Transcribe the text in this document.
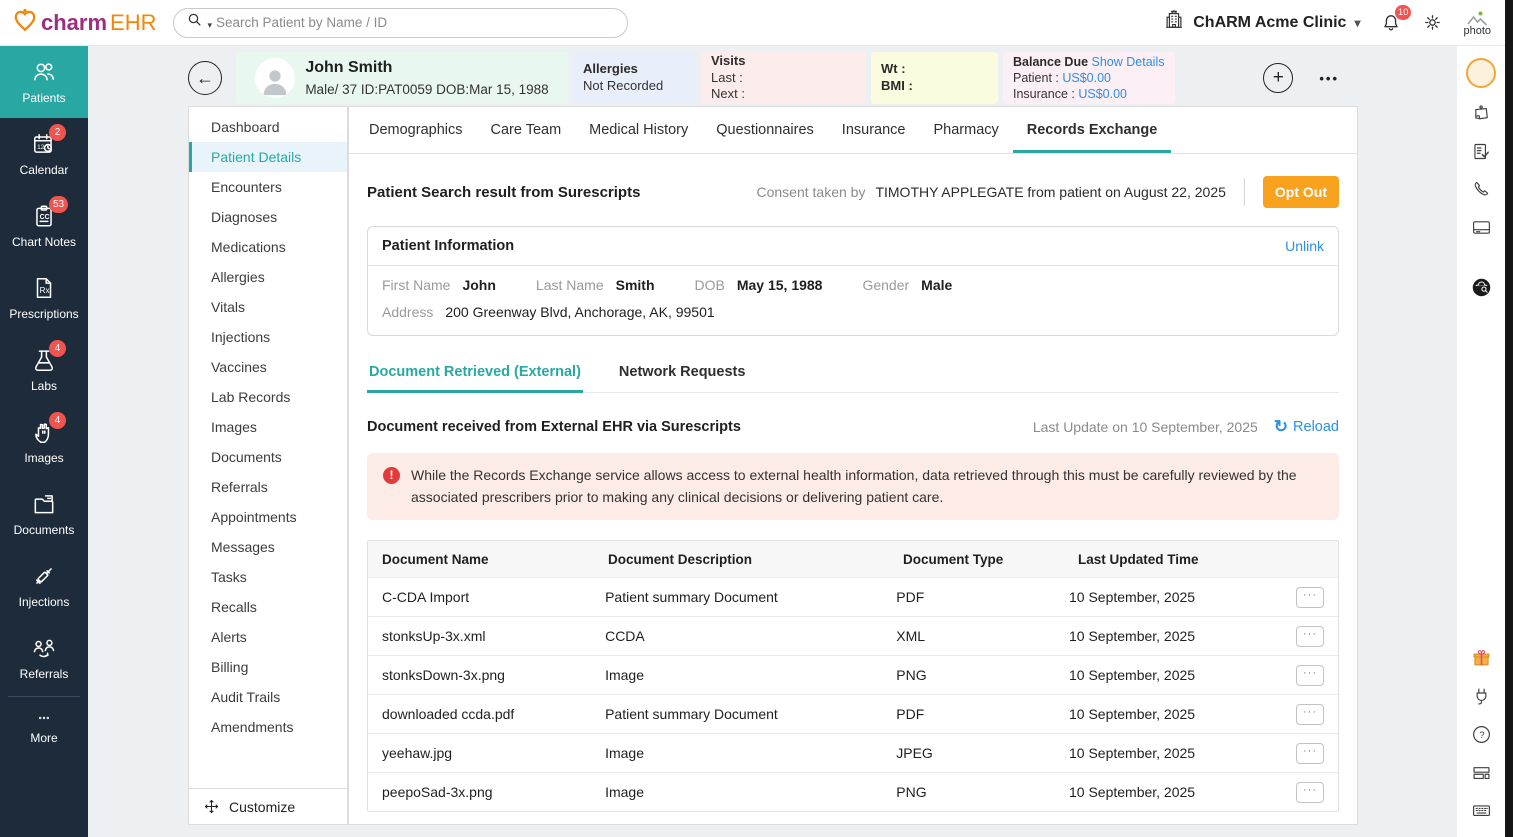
charm EHR	▾
Search Patient by Name / ID	ChARM Acme Clinic ▾
10
photo
Patients
12
2
Calendar
CC
53
Chart Notes
Rx
Prescriptions
4
Labs
4
Images
Documents
Injections
Referrals
More
←
John Smith
Male/ 37 ID:PAT0059 DOB:Mar 15, 1988
Allergies
Not Recorded
Visits
Last :
Next :
Wt :
BMI :
Balance Due Show Details
Patient : US$0.00
Insurance : US$0.00
+	•••
Dashboard
Patient Details
Encounters
Diagnoses
Medications
Allergies
Vitals
Injections
Vaccines
Lab Records
Images
Documents
Referrals
Appointments
Messages
Tasks
Recalls
Alerts
Billing
Audit Trails
Amendments
Customize
Demographics	Care Team	Medical History	Questionnaires	Insurance	Pharmacy	Records Exchange
Patient Search result from Surescripts	Consent taken by TIMOTHY APPLEGATE from patient on August 22, 2025	Opt Out
Patient Information	Unlink
First Name John	Last Name Smith	DOB May 15, 1988	Gender Male
Address 200 Greenway Blvd, Anchorage, AK, 99501
Document Retrieved (External)	Network Requests
Document received from External EHR via Surescripts	Last Update on 10 September, 2025 ↻ Reload
!	While the Records Exchange service allows access to external health information, data retrieved through this must be carefully reviewed by the associated prescribers prior to making any clinical decisions or delivering patient care.
Document Name	Document Description	Document Type	Last Updated Time
C-CDA Import	Patient summary Document	PDF	10 September, 2025	···
stonksUp-3x.xml	CCDA	XML	10 September, 2025	···
stonksDown-3x.png	Image	PNG	10 September, 2025	···
downloaded ccda.pdf	Patient summary Document	PDF	10 September, 2025	···
yeehaw.jpg	Image	JPEG	10 September, 2025	···
peepoSad-3x.png	Image	PNG	10 September, 2025	···
?
